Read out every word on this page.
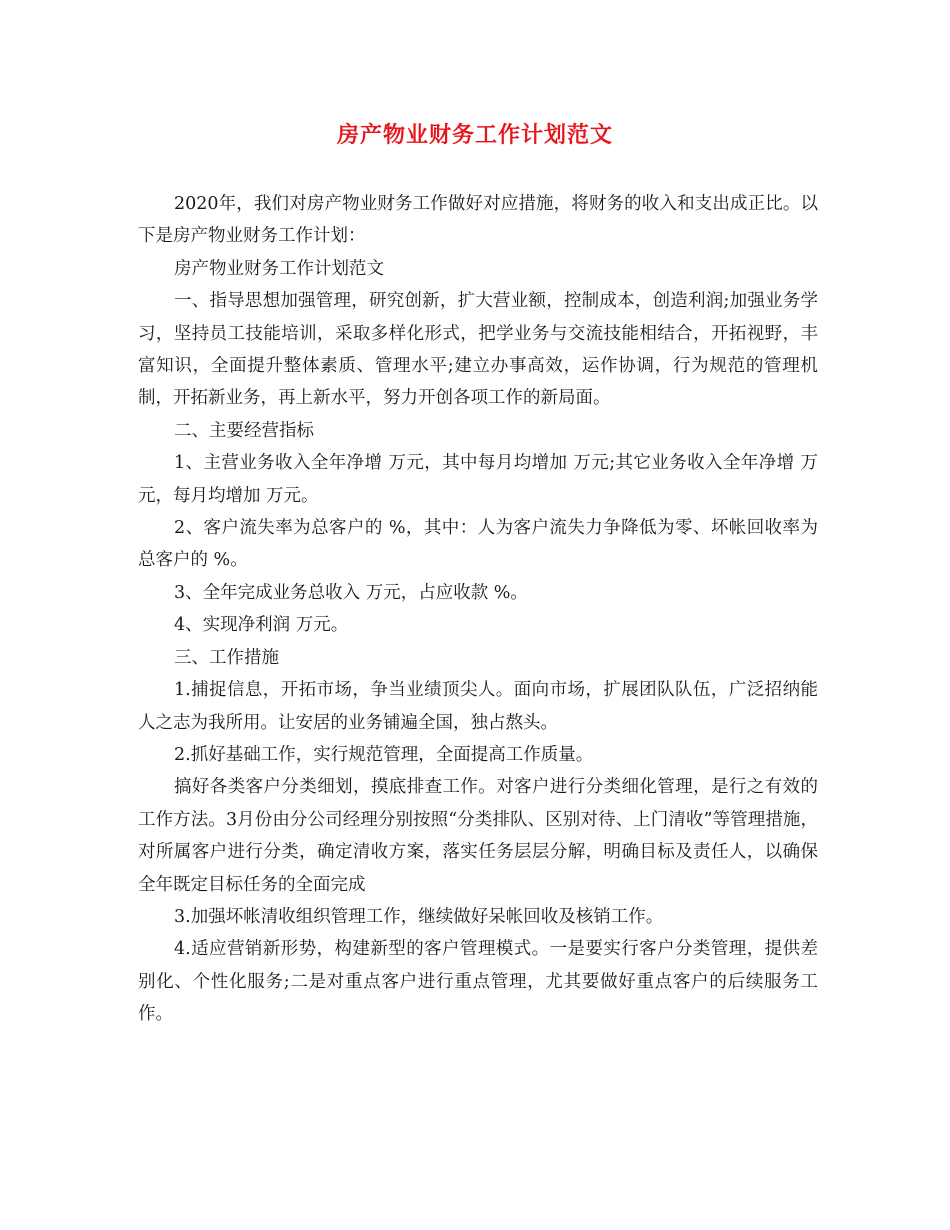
房产物业财务工作计划范文

2020年，我们对房产物业财务工作做好对应措施，将财务的收入和支出成正比。以下是房产物业财务工作计划：

房产物业财务工作计划范文

一、指导思想加强管理，研究创新，扩大营业额，控制成本，创造利润;加强业务学习，坚持员工技能培训，采取多样化形式，把学业务与交流技能相结合，开拓视野，丰富知识，全面提升整体素质、管理水平;建立办事高效，运作协调，行为规范的管理机制，开拓新业务，再上新水平，努力开创各项工作的新局面。

二、主要经营指标

1、主营业务收入全年净增 万元，其中每月均增加 万元;其它业务收入全年净增 万元，每月均增加 万元。

2、客户流失率为总客户的 %，其中：人为客户流失力争降低为零、坏帐回收率为总客户的 %。

3、全年完成业务总收入 万元，占应收款 %。

4、实现净利润 万元。

三、工作措施

1.捕捉信息，开拓市场，争当业绩顶尖人。面向市场，扩展团队队伍，广泛招纳能人之志为我所用。让安居的业务铺遍全国，独占熬头。

2.抓好基础工作，实行规范管理，全面提高工作质量。

搞好各类客户分类细划，摸底排查工作。对客户进行分类细化管理，是行之有效的工作方法。3月份由分公司经理分别按照“分类排队、区别对待、上门清收”等管理措施，对所属客户进行分类，确定清收方案，落实任务层层分解，明确目标及责任人，以确保全年既定目标任务的全面完成

3.加强坏帐清收组织管理工作，继续做好呆帐回收及核销工作。

4.适应营销新形势，构建新型的客户管理模式。一是要实行客户分类管理，提供差别化、个性化服务;二是对重点客户进行重点管理，尤其要做好重点客户的后续服务工作。
